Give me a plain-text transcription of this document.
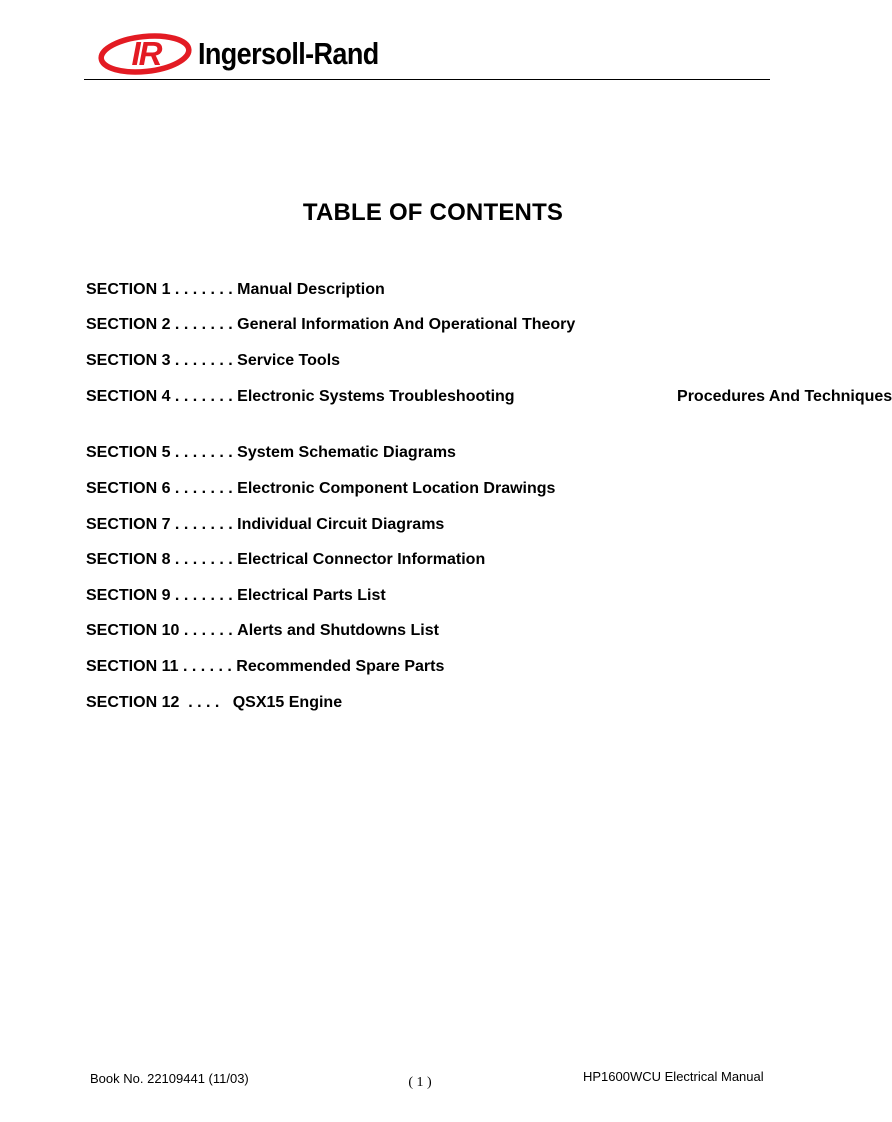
IR Ingersoll-Rand
TABLE OF CONTENTS
SECTION 1 . . . . . . . Manual Description
SECTION 2 . . . . . . . General Information And Operational Theory
SECTION 3 . . . . . . . Service Tools
SECTION 4 . . . . . . . Electronic Systems Troubleshooting	Procedures And Techniques
SECTION 5 . . . . . . . System Schematic Diagrams
SECTION 6 . . . . . . . Electronic Component Location Drawings
SECTION 7 . . . . . . . Individual Circuit Diagrams
SECTION 8 . . . . . . . Electrical Connector Information
SECTION 9 . . . . . . . Electrical Parts List
SECTION 10 . . . . . . Alerts and Shutdowns List
SECTION 11 . . . . . . Recommended Spare Parts
SECTION 12 . . . . QSX15 Engine
Book No. 22109441 (11/03)	( 1 )	HP1600WCU Electrical Manual
